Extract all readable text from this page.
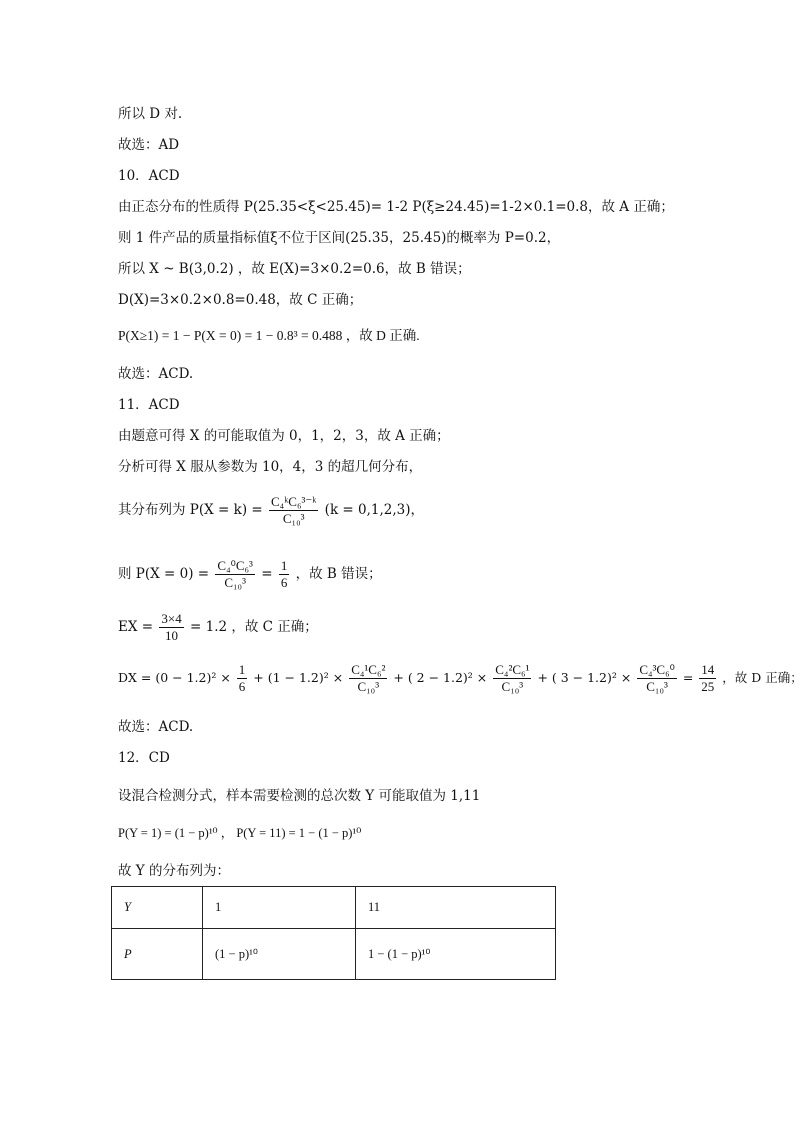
所以 D 对.
故选：AD
10．ACD
由正态分布的性质得 P(25.35<ξ<25.45)= 1-2 P(ξ≥24.45)=1-2×0.1=0.8，故 A 正确；
则 1 件产品的质量指标值ξ不位于区间(25.35，25.45)的概率为 P=0.2，
所以 X ~ B(3,0.2) ，故 E(X)=3×0.2=0.6，故 B 错误；
D(X)=3×0.2×0.8=0.48，故 C 正确；
P(X≥1) = 1 − P(X = 0) = 1 − 0.8³ = 0.488 ，故 D 正确.
故选：ACD.
11．ACD
由题意可得 X 的可能取值为 0，1，2，3，故 A 正确；
分析可得 X 服从参数为 10，4，3 的超几何分布，
其分布列为 $P(X = k) = \frac{\text{C₄ᵏC₆³⁻ᵏ}}{\text{C₁₀³}} (k = 0,1,2,3)$，
则 $P(X = 0) = \frac{\text{C₄⁰C₆³}}{\text{C₁₀³}} = \frac{1}{6}$ ，故 B 错误；
EX = $\frac{3\times 4}{10} = 1.2$ ，故 C 正确；
DX = $(0 - 1.2)^2 \times \frac{1}{6} + (1 - 1.2)^2 \times \frac{\text{C₄¹C₆²}}{\text{C₁₀³}}$ + ( $2 - 1.2)^2 \times \frac{\text{C₄²C₆¹}}{\text{C₁₀³}}$ + ( $3 - 1.2)^2 \times \frac{\text{C₄³C₆⁰}}{\text{C₁₀³}} = \frac{14}{25}$ ，故 D 正确；
故选：ACD.
12．CD
设混合检测分式，样本需要检测的总次数 Y 可能取值为 1,11
P(Y = 1) = (1 − p)¹⁰ ， P(Y = 11) = 1 − (1 − p)¹⁰
故 Y 的分布列为：
Y	1	11
P	(1 − p)¹⁰	1 − (1 − p)¹⁰
